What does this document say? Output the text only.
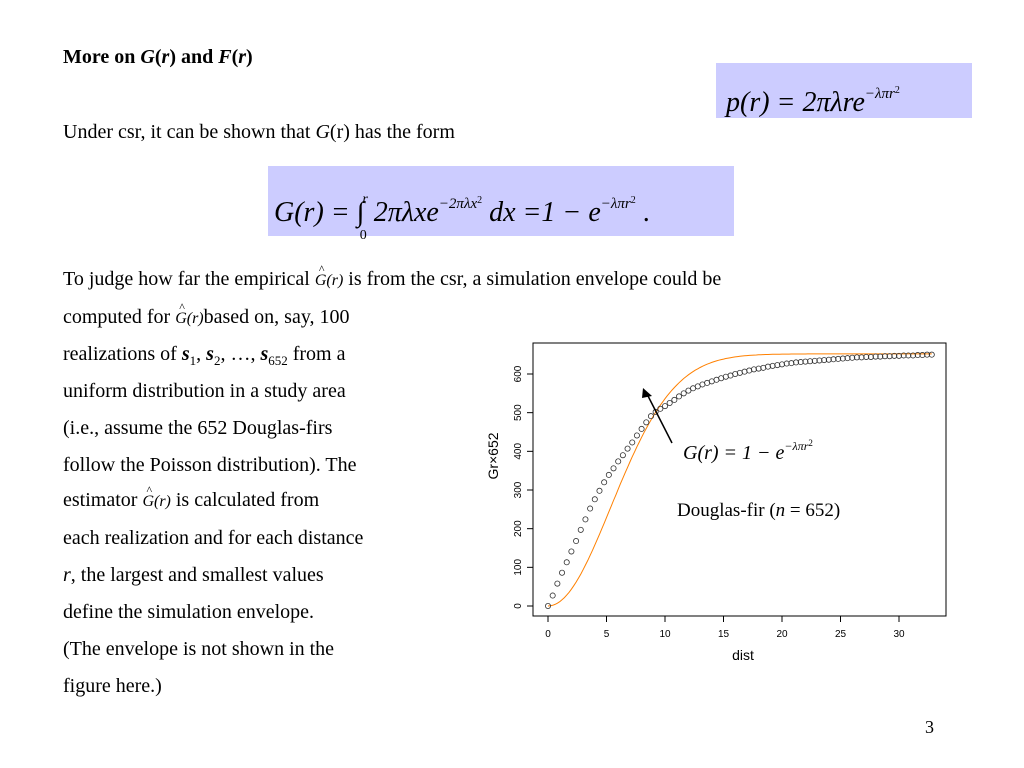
More on G(r) and F(r)
p(r) = 2πλre$^{-\lambda\pi r2}$
Under csr, it can be shown that G(r) has the form
G(r) = ∫$^r_0$ 2πλxe$^{-2\pi\lambda x2}$ dx $=1 - e^{-\lambda\pi r2}$ .
To judge how far the empirical ^ G(r) is from the csr, a simulation envelope could be
computed for ^ G(r)based on, say, 100
realizations of $s_1$, $s_2$, …, $s_{652}$ from a
uniform distribution in a study area
(i.e., assume the 652 Douglas-firs
follow the Poisson distribution). The
estimator ^ G(r) is calculated from
each realization and for each distance
r, the largest and smallest values
define the simulation envelope.
(The envelope is not shown in the
figure here.)
0	5	10	15	20	25	30
0
100
200
300
400
500
600
dist
Gr×652	$G(r) = 1 - e^{-\lambda\pi r2}$
Douglas-fir (n = 652)
3
